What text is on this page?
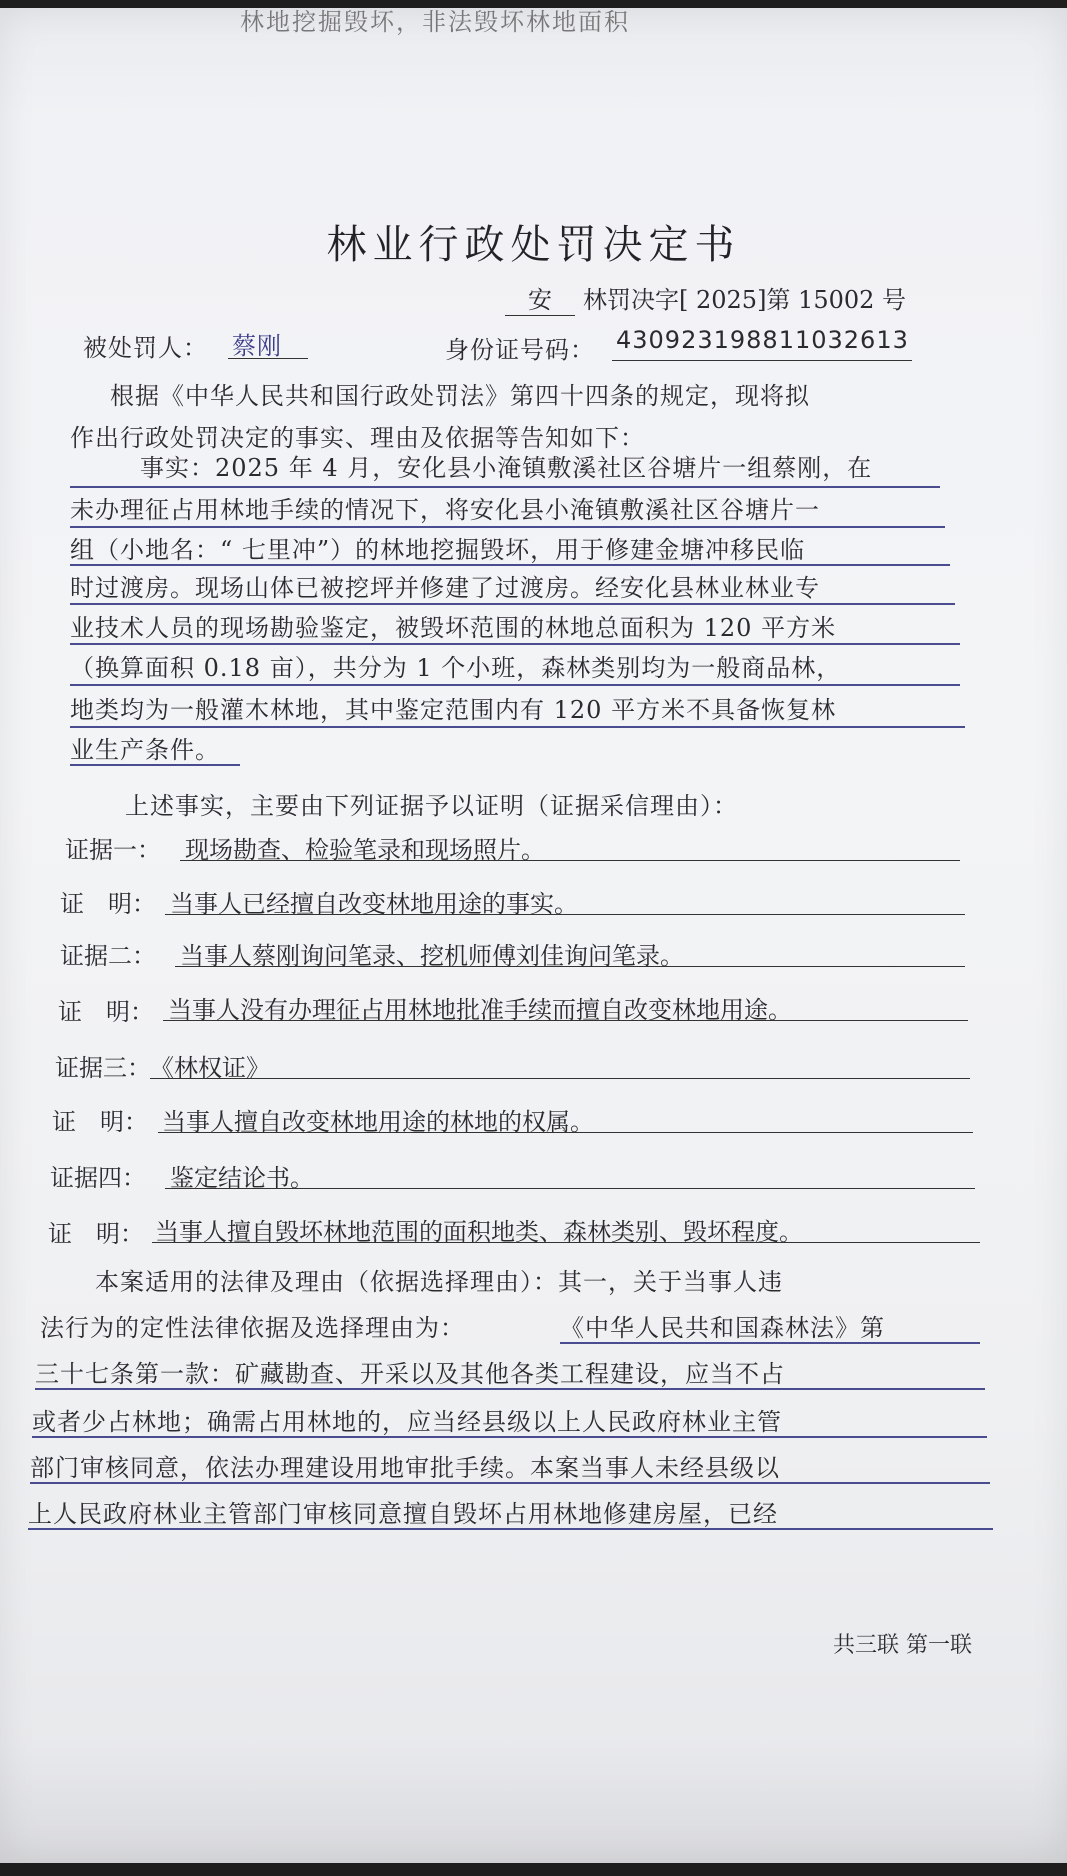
林地挖掘毁坏，非法毁坏林地面积
林业行政处罚决定书
安 林罚决字[ 2025]第 15002 号
被处罚人： 蔡刚	身份证号码： 430923198811032613
根据《中华人民共和国行政处罚法》第四十四条的规定，现将拟
作出行政处罚决定的事实、理由及依据等告知如下：
事实：2025 年 4 月，安化县小淹镇敷溪社区谷塘片一组蔡刚，在
未办理征占用林地手续的情况下，将安化县小淹镇敷溪社区谷塘片一
组（小地名：“ 七里冲”）的林地挖掘毁坏，用于修建金塘冲移民临
时过渡房。现场山体已被挖坪并修建了过渡房。经安化县林业林业专
业技术人员的现场勘验鉴定，被毁坏范围的林地总面积为 120 平方米
（换算面积 0.18 亩），共分为 1 个小班，森林类别均为一般商品林，
地类均为一般灌木林地，其中鉴定范围内有 120 平方米不具备恢复林
业生产条件。
上述事实，主要由下列证据予以证明（证据采信理由）：
证据一： 现场勘查、检验笔录和现场照片。
证　明： 当事人已经擅自改变林地用途的事实。
证据二： 当事人蔡刚询问笔录、挖机师傅刘佳询问笔录。
证　明： 当事人没有办理征占用林地批准手续而擅自改变林地用途。
证据三： 《林权证》
证　明： 当事人擅自改变林地用途的林地的权属。
证据四： 鉴定结论书。
证　明： 当事人擅自毁坏林地范围的面积地类、森林类别、毁坏程度。
本案适用的法律及理由（依据选择理由）：其一，关于当事人违
法行为的定性法律依据及选择理由为：	《中华人民共和国森林法》第
三十七条第一款：矿藏勘查、开采以及其他各类工程建设，应当不占
或者少占林地；确需占用林地的，应当经县级以上人民政府林业主管
部门审核同意，依法办理建设用地审批手续。本案当事人未经县级以
上人民政府林业主管部门审核同意擅自毁坏占用林地修建房屋，已经
共三联 第一联
